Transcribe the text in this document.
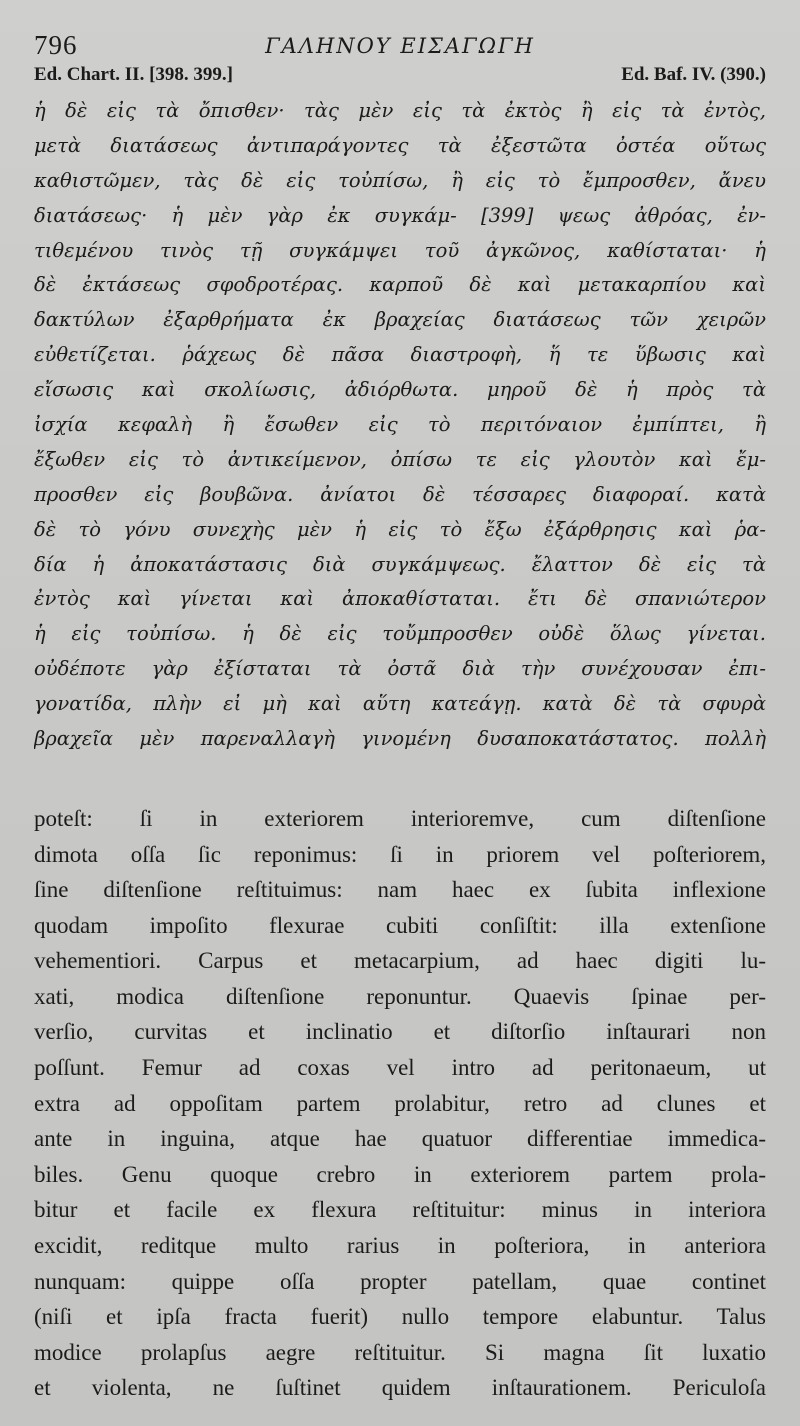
796	ΓΑΛΗΝΟΥ ΕΙΣΑΓΩΓΗ
Ed. Chart. II. [398. 399.]	Ed. Baf. IV. (390.)
ἡ δὲ εἰς τὰ ὄπισθεν· τὰς μὲν εἰς τὰ ἐκτὸς ἢ εἰς τὰ ἐντὸς,
μετὰ διατάσεως ἀντιπαράγοντες τὰ ἐξεστῶτα ὀστέα οὕτως
καθιστῶμεν, τὰς δὲ εἰς τοὐπίσω, ἢ εἰς τὸ ἔμπροσθεν, ἄνευ
διατάσεως· ἡ μὲν γὰρ ἐκ συγκάμ- [399] ψεως ἀθρόας, ἐν-
τιθεμένου τινὸς τῇ συγκάμψει τοῦ ἀγκῶνος, καθίσταται· ἡ
δὲ ἐκτάσεως σφοδροτέρας. καρποῦ δὲ καὶ μετακαρπίου καὶ
δακτύλων ἐξαρθρήματα ἐκ βραχείας διατάσεως τῶν χειρῶν
εὐθετίζεται. ῥάχεως δὲ πᾶσα διαστροφὴ, ἥ τε ὕβωσις καὶ
εἴσωσις καὶ σκολίωσις, ἀδιόρθωτα. μηροῦ δὲ ἡ πρὸς τὰ
ἰσχία κεφαλὴ ἢ ἔσωθεν εἰς τὸ περιτόναιον ἐμπίπτει, ἢ
ἔξωθεν εἰς τὸ ἀντικείμενον, ὀπίσω τε εἰς γλουτὸν καὶ ἔμ-
προσθεν εἰς βουβῶνα. ἀνίατοι δὲ τέσσαρες διαφοραί. κατὰ
δὲ τὸ γόνυ συνεχὴς μὲν ἡ εἰς τὸ ἔξω ἐξάρθρησις καὶ ῥα-
δία ἡ ἀποκατάστασις διὰ συγκάμψεως. ἔλαττον δὲ εἰς τὰ
ἐντὸς καὶ γίνεται καὶ ἀποκαθίσταται. ἔτι δὲ σπανιώτερον
ἡ εἰς τοὐπίσω. ἡ δὲ εἰς τοὔμπροσθεν οὐδὲ ὅλως γίνεται.
οὐδέποτε γὰρ ἐξίσταται τὰ ὀστᾶ διὰ τὴν συνέχουσαν ἐπι-
γονατίδα, πλὴν εἰ μὴ καὶ αὕτη κατεάγῃ. κατὰ δὲ τὰ σφυρὰ
βραχεῖα μὲν παρεναλλαγὴ γινομένη δυσαποκατάστατος. πολλὴ
poteſt: ſi in exteriorem interioremve, cum diſtenſione
dimota oſſa ſic reponimus: ſi in priorem vel poſteriorem,
ſine diſtenſione reſtituimus: nam haec ex ſubita inflexione
quodam impoſito flexurae cubiti conſiſtit: illa extenſione
vehementiori. Carpus et metacarpium, ad haec digiti lu-
xati, modica diſtenſione reponuntur. Quaevis ſpinae per-
verſio, curvitas et inclinatio et diſtorſio inſtaurari non
poſſunt. Femur ad coxas vel intro ad peritonaeum, ut
extra ad oppoſitam partem prolabitur, retro ad clunes et
ante in inguina, atque hae quatuor differentiae immedica-
biles. Genu quoque crebro in exteriorem partem prola-
bitur et facile ex flexura reſtituitur: minus in interiora
excidit, reditque multo rarius in poſteriora, in anteriora
nunquam: quippe oſſa propter patellam, quae continet
(niſi et ipſa fracta fuerit) nullo tempore elabuntur. Talus
modice prolapſus aegre reſtituitur. Si magna ſit luxatio
et violenta, ne ſuſtinet quidem inſtaurationem. Periculoſa
